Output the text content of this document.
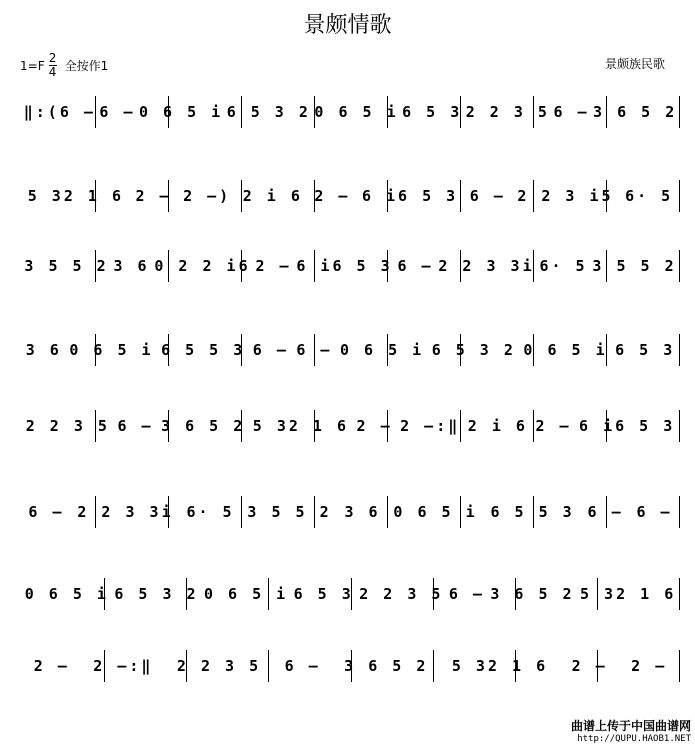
景颇情歌
$1=F \frac{2}{4}$ 全按作1	景颇族民歌
‖:(6 – 6 – 0 6 5 i 6 5 3 2 0 6 5 i 6 5 3 2 2 3 5 6 – 3 6 5 2
5 32 1 6 2 – 2 –) 2 i 6 2 – 6 i6 5 3 6 – 2 2 3 i5 6· 5
3 5 5 2 3 6 0 2 2 i6 2 – 6 i6 5 3 6 – 2 2 3 3i 6· 5 3 5 5 2
3 6 0 6 5 i 6 5 5 3 6 – 6 – 0 6 5 i 6 5 3 2 0 6 5 i 6 5 3
2 2 3 5 6 – 3 6 5 2 5 32 1 6 2 – 2 –:‖ 2 i 6 2 – 6 i6 5 3
6 – 2 2 3 3i 6· 5 3 5 5 2 3 6 0 6 5 i 6 5 5 3 6 – 6 –
0 6 5 i 6 5 3 2 0 6 5 i 6 5 3 2 2 3 5 6 – 3 6 5 2 5 32 1 6
2 –	2 –:‖	2 2 3 5	6 –	3 6 5 2	5 32 1 6	2 –	2 –
曲谱上传于中国曲谱网
http://QUPU.HAOB1.NET
